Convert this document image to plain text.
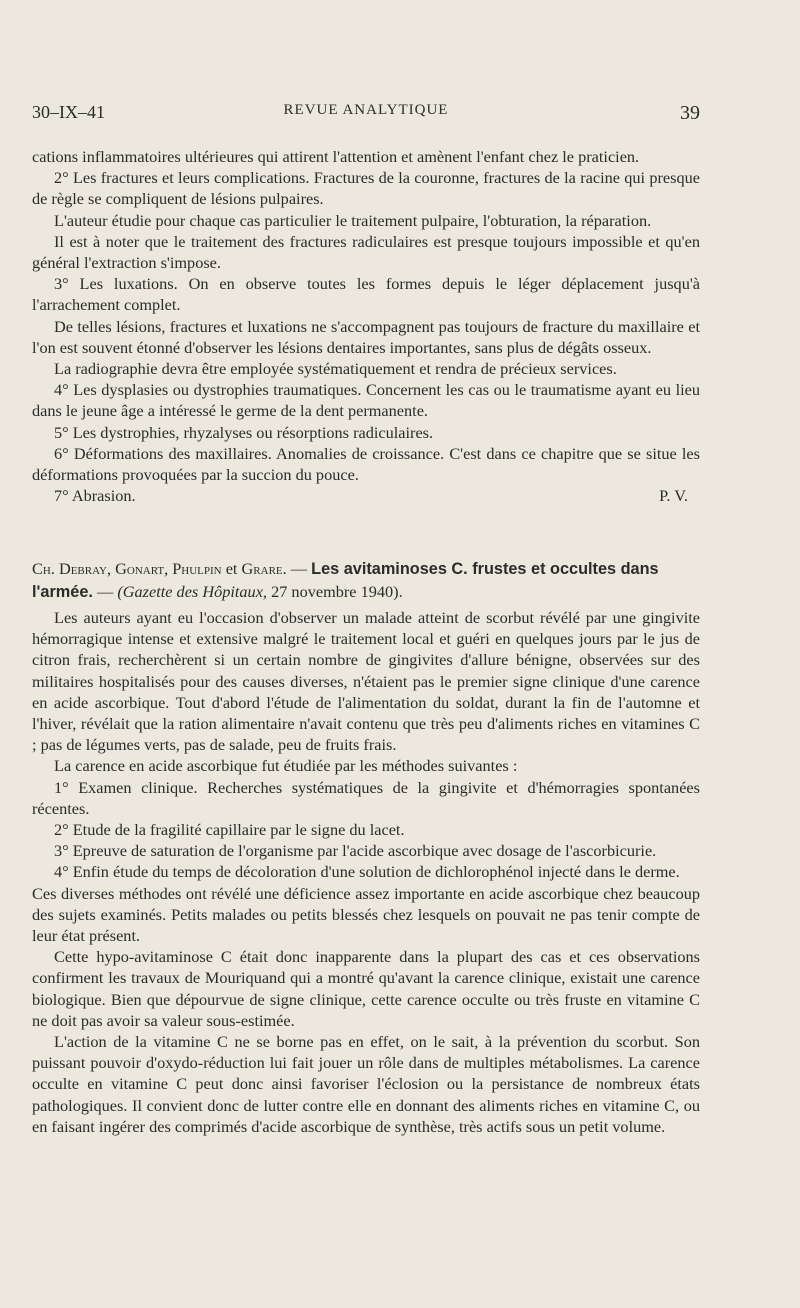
30–IX–41	REVUE ANALYTIQUE	39

cations inflammatoires ultérieures qui attirent l'attention et amènent l'enfant chez le praticien.

2° Les fractures et leurs complications. Fractures de la couronne, fractures de la racine qui presque de règle se compliquent de lésions pulpaires.

L'auteur étudie pour chaque cas particulier le traitement pulpaire, l'obturation, la réparation.

Il est à noter que le traitement des fractures radiculaires est presque toujours impossible et qu'en général l'extraction s'impose.

3° Les luxations. On en observe toutes les formes depuis le léger déplacement jusqu'à l'arrachement complet.

De telles lésions, fractures et luxations ne s'accompagnent pas toujours de fracture du maxillaire et l'on est souvent étonné d'observer les lésions dentaires importantes, sans plus de dégâts osseux.

La radiographie devra être employée systématiquement et rendra de précieux services.

4° Les dysplasies ou dystrophies traumatiques. Concernent les cas ou le traumatisme ayant eu lieu dans le jeune âge a intéressé le germe de la dent permanente.

5° Les dystrophies, rhyzalyses ou résorptions radiculaires.

6° Déformations des maxillaires. Anomalies de croissance. C'est dans ce chapitre que se situe les déformations provoquées par la succion du pouce.

7° Abrasion.	P. V.

Ch. Debray, Gonart, Phulpin et Grare. — Les avitaminoses C. frustes et occultes dans l'armée. — (Gazette des Hôpitaux, 27 novembre 1940).

Les auteurs ayant eu l'occasion d'observer un malade atteint de scorbut révélé par une gingivite hémorragique intense et extensive malgré le traitement local et guéri en quelques jours par le jus de citron frais, recherchèrent si un certain nombre de gingivites d'allure bénigne, observées sur des militaires hospitalisés pour des causes diverses, n'étaient pas le premier signe clinique d'une carence en acide ascorbique. Tout d'abord l'étude de l'alimentation du soldat, durant la fin de l'automne et l'hiver, révélait que la ration alimentaire n'avait contenu que très peu d'aliments riches en vitamines C ; pas de légumes verts, pas de salade, peu de fruits frais.

La carence en acide ascorbique fut étudiée par les méthodes suivantes :

1° Examen clinique. Recherches systématiques de la gingivite et d'hémorragies spontanées récentes.

2° Etude de la fragilité capillaire par le signe du lacet.

3° Epreuve de saturation de l'organisme par l'acide ascorbique avec dosage de l'ascorbicurie.

4° Enfin étude du temps de décoloration d'une solution de dichlorophénol injecté dans le derme.

Ces diverses méthodes ont révélé une déficience assez importante en acide ascorbique chez beaucoup des sujets examinés. Petits malades ou petits blessés chez lesquels on pouvait ne pas tenir compte de leur état présent.

Cette hypo-avitaminose C était donc inapparente dans la plupart des cas et ces observations confirment les travaux de Mouriquand qui a montré qu'avant la carence clinique, existait une carence biologique. Bien que dépourvue de signe clinique, cette carence occulte ou très fruste en vitamine C ne doit pas avoir sa valeur sous-estimée.

L'action de la vitamine C ne se borne pas en effet, on le sait, à la prévention du scorbut. Son puissant pouvoir d'oxydo-réduction lui fait jouer un rôle dans de multiples métabolismes. La carence occulte en vitamine C peut donc ainsi favoriser l'éclosion ou la persistance de nombreux états pathologiques. Il convient donc de lutter contre elle en donnant des aliments riches en vitamine C, ou en faisant ingérer des comprimés d'acide ascorbique de synthèse, très actifs sous un petit volume.
